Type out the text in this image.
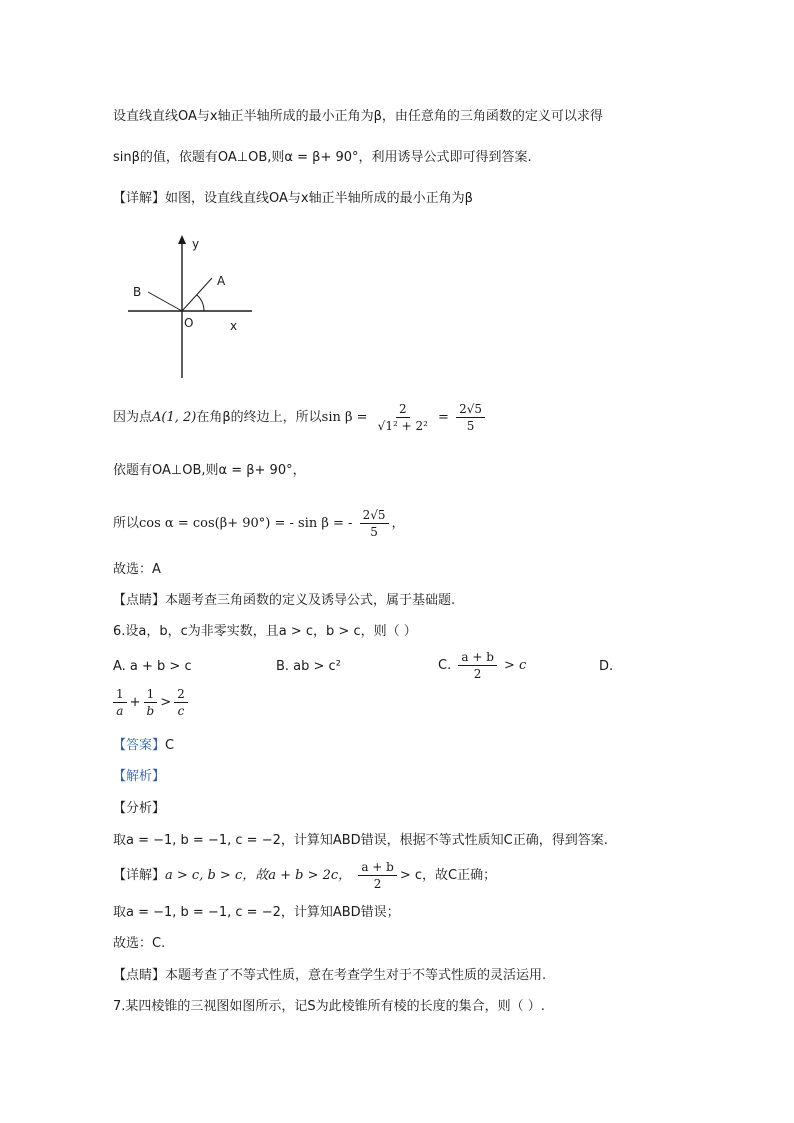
设直线直线OA与x轴正半轴所成的最小正角为β，由任意角的三角函数的定义可以求得
sinβ的值，依题有OA⊥OB,则α = β+ 90°，利用诱导公式即可得到答案.
【详解】如图，设直线直线OA与x轴正半轴所成的最小正角为β
y
x
O
A
B
因为点A(1, 2)在角β的终边上，所以$\sin \beta = \frac{2}{\text{√1² + 2²}} = \frac{2√5}{5}$
依题有OA⊥OB,则α = β+ 90°，
所以cos α = cos(β+ 90°) = - sin β = - $\frac{2√5}{5}$ ，
故选：A
【点睛】本题考查三角函数的定义及诱导公式，属于基础题.
6.设a，b，c为非零实数，且a > c，b > c，则（ ）
A. a + b > c	B. ab > c²	C. $\frac{a + b}{2} > c$	D.
$\frac{1}{a} + \frac{1}{b} > \frac{2}{c}$
【答案】C
【解析】
【分析】
取a = −1, b = −1, c = −2，计算知ABD错误，根据不等式性质知C正确，得到答案.
【详解】a > c, b > c，故a + b > 2c， $\frac{a + b}{2} > c$，故C正确；
取a = −1, b = −1, c = −2，计算知ABD错误；
故选：C.
【点睛】本题考查了不等式性质，意在考查学生对于不等式性质的灵活运用.
7.某四棱锥的三视图如图所示，记S为此棱锥所有棱的长度的集合，则（ ）.
